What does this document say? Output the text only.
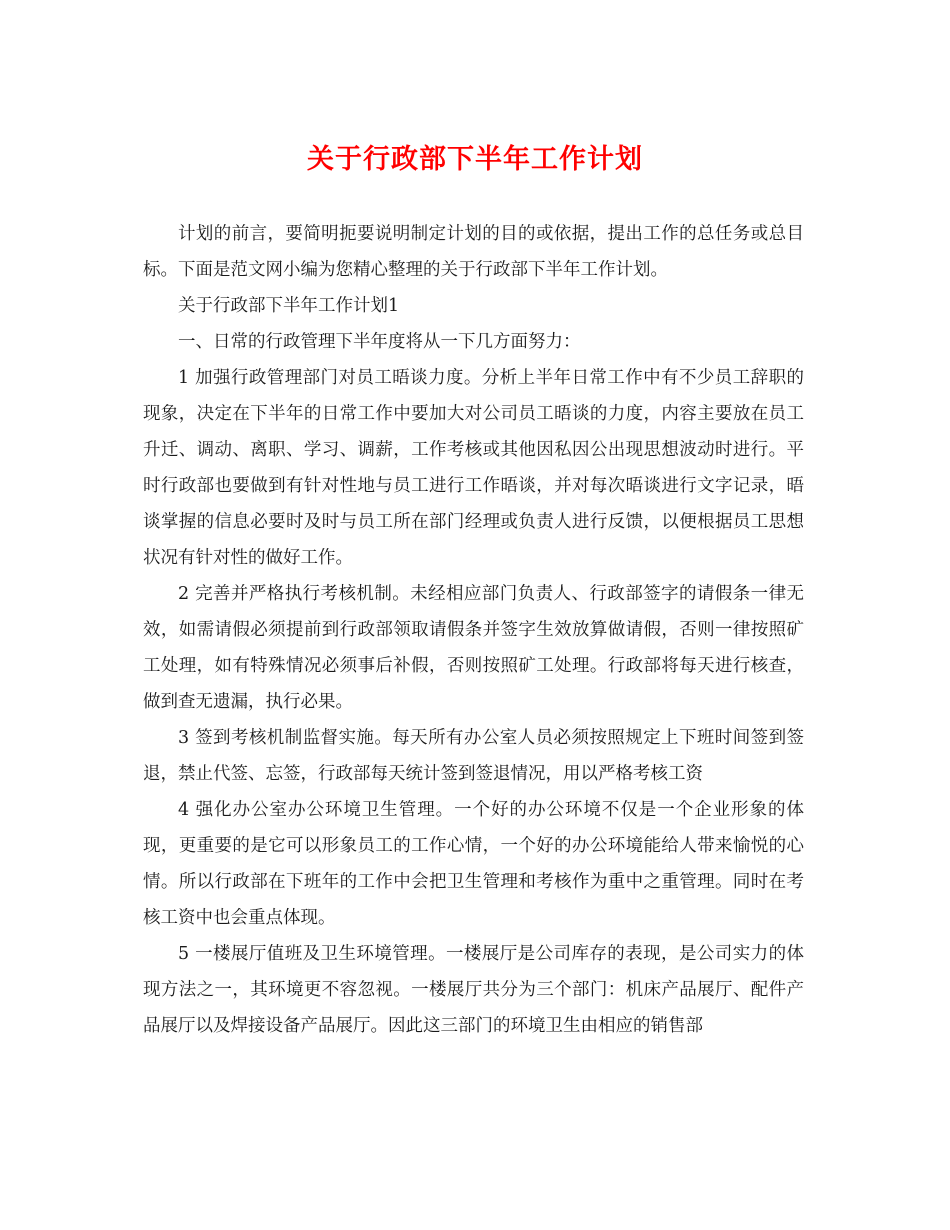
关于行政部下半年工作计划

计划的前言，要简明扼要说明制定计划的目的或依据，提出工作的总任务或总目标。下面是范文网小编为您精心整理的关于行政部下半年工作计划。

关于行政部下半年工作计划1

一、日常的行政管理下半年度将从一下几方面努力：

1 加强行政管理部门对员工晤谈力度。分析上半年日常工作中有不少员工辞职的现象，决定在下半年的日常工作中要加大对公司员工晤谈的力度，内容主要放在员工升迁、调动、离职、学习、调薪，工作考核或其他因私因公出现思想波动时进行。平时行政部也要做到有针对性地与员工进行工作晤谈，并对每次晤谈进行文字记录，晤谈掌握的信息必要时及时与员工所在部门经理或负责人进行反馈，以便根据员工思想状况有针对性的做好工作。

2 完善并严格执行考核机制。未经相应部门负责人、行政部签字的请假条一律无效，如需请假必须提前到行政部领取请假条并签字生效放算做请假，否则一律按照矿工处理，如有特殊情况必须事后补假，否则按照矿工处理。行政部将每天进行核查，做到查无遗漏，执行必果。

3 签到考核机制监督实施。每天所有办公室人员必须按照规定上下班时间签到签退，禁止代签、忘签，行政部每天统计签到签退情况，用以严格考核工资

4 强化办公室办公环境卫生管理。一个好的办公环境不仅是一个企业形象的体现，更重要的是它可以形象员工的工作心情，一个好的办公环境能给人带来愉悦的心情。所以行政部在下班年的工作中会把卫生管理和考核作为重中之重管理。同时在考核工资中也会重点体现。

5 一楼展厅值班及卫生环境管理。一楼展厅是公司库存的表现，是公司实力的体现方法之一，其环境更不容忽视。一楼展厅共分为三个部门：机床产品展厅、配件产品展厅以及焊接设备产品展厅。因此这三部门的环境卫生由相应的销售部
